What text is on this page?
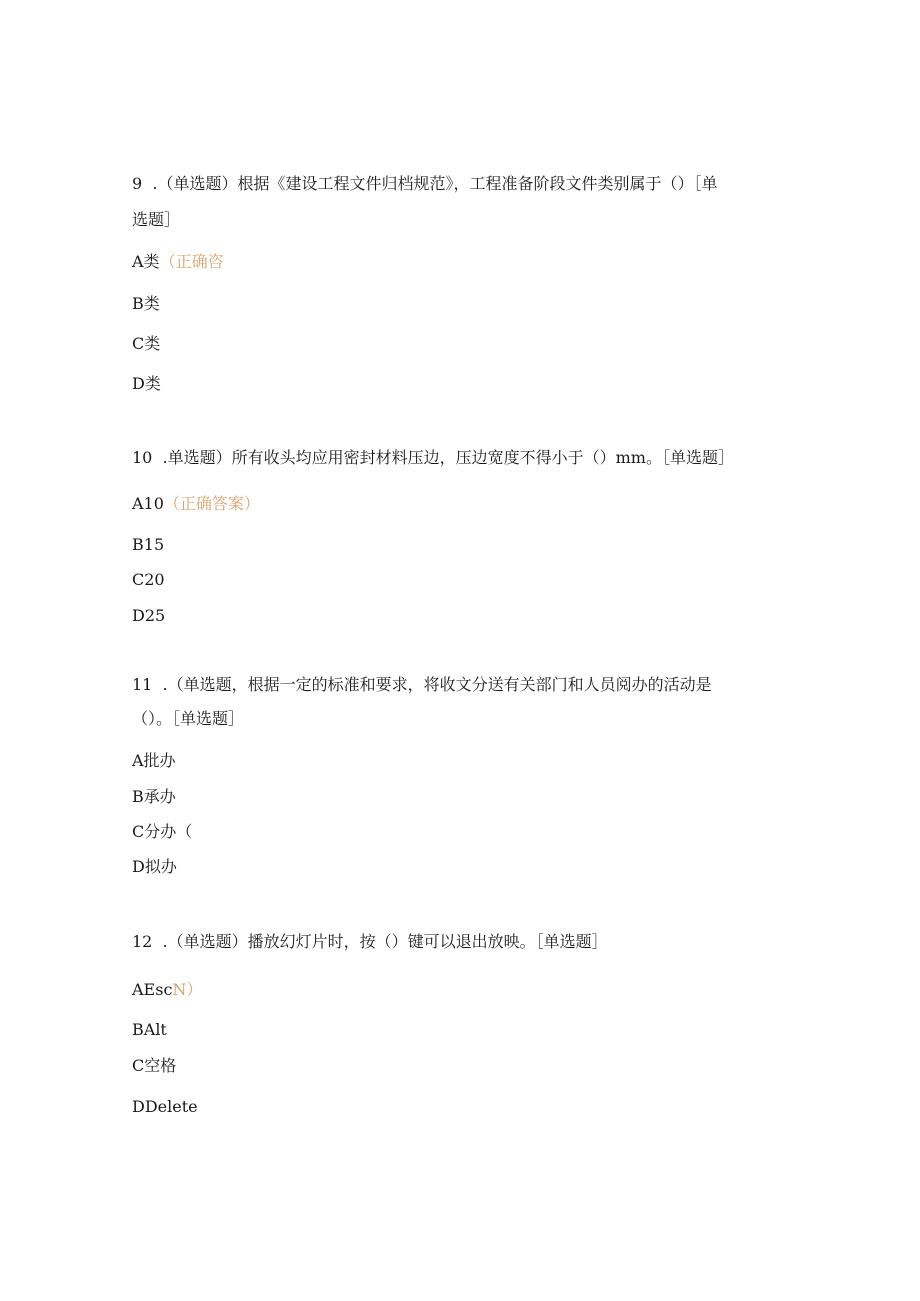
9  .（单选题）根据《建设工程文件归档规范》，工程准备阶段文件类别属于（）［单
选题］
A类（正确咨
B类
C类
D类
10  .单选题）所有收头均应用密封材料压边，压边宽度不得小于（）mm。［单选题］
A10（正确答案）
B15
C20
D25
11  .（单选题，根据一定的标准和要求，将收文分送有关部门和人员阅办的活动是
（）。［单选题］
A批办
B承办
C分办（
D拟办
12  .（单选题）播放幻灯片时，按（）键可以退出放映。［单选题］
AEscN）
BAlt
C空格
DDelete
